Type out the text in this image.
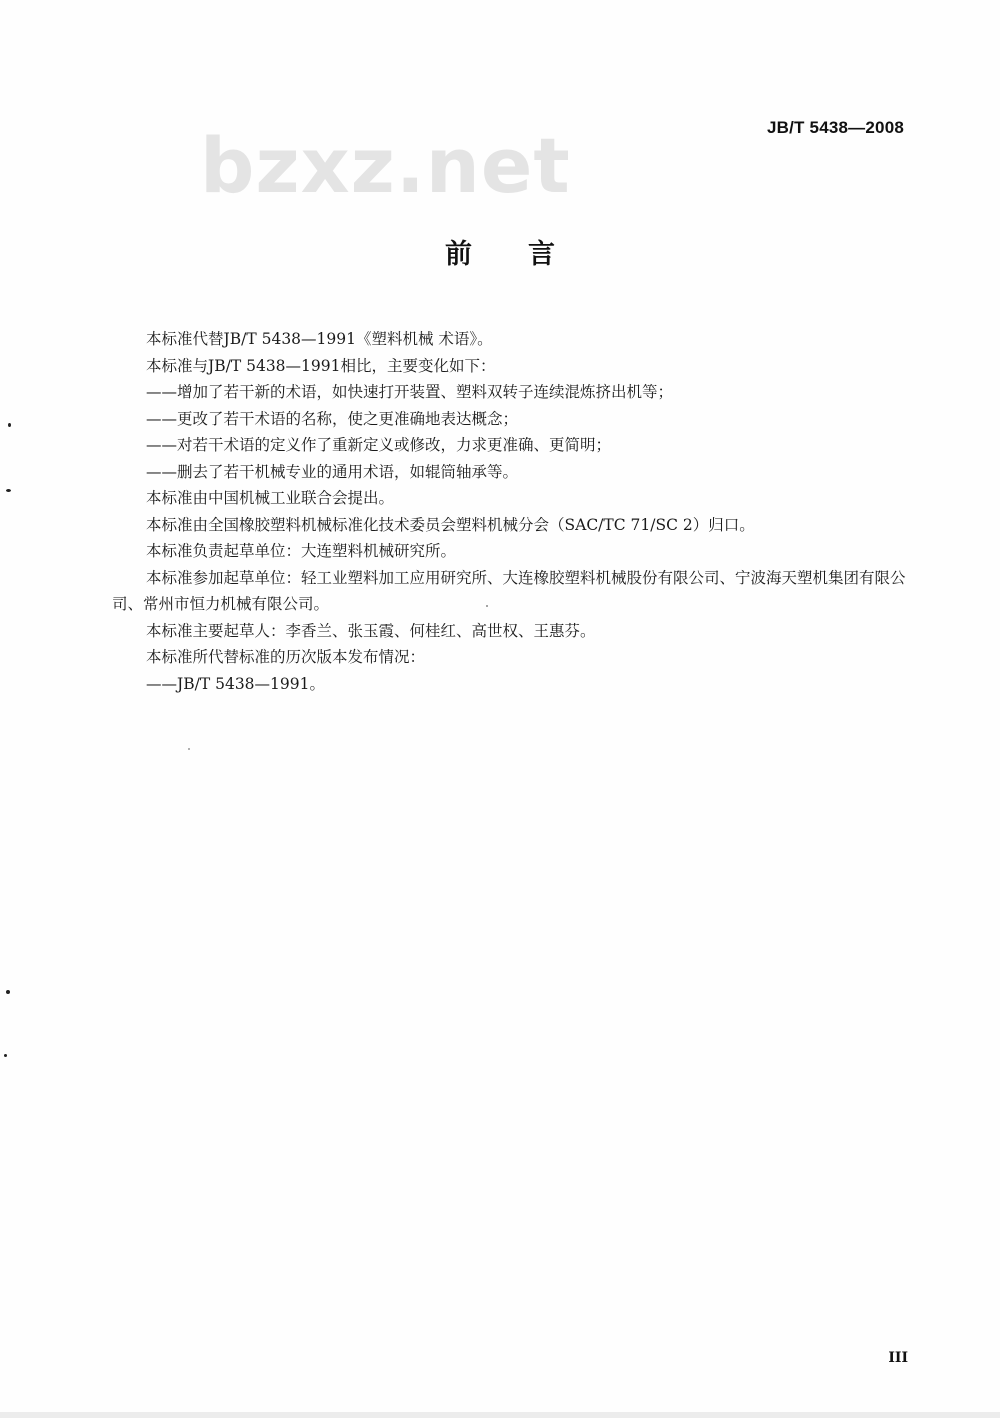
bzxz.net	JB/T 5438—2008
前言

本标准代替JB/T 5438—1991《塑料机械 术语》。

本标准与JB/T 5438—1991相比，主要变化如下：

——增加了若干新的术语，如快速打开装置、塑料双转子连续混炼挤出机等；

——更改了若干术语的名称，使之更准确地表达概念；

——对若干术语的定义作了重新定义或修改，力求更准确、更简明；

——删去了若干机械专业的通用术语，如辊筒轴承等。

本标准由中国机械工业联合会提出。

本标准由全国橡胶塑料机械标准化技术委员会塑料机械分会（SAC/TC 71/SC 2）归口。

本标准负责起草单位：大连塑料机械研究所。

本标准参加起草单位：轻工业塑料加工应用研究所、大连橡胶塑料机械股份有限公司、宁波海天塑机集团有限公司、常州市恒力机械有限公司。

本标准主要起草人：李香兰、张玉霞、何桂红、高世权、王惠芬。

本标准所代替标准的历次版本发布情况：

——JB/T 5438—1991。

III
